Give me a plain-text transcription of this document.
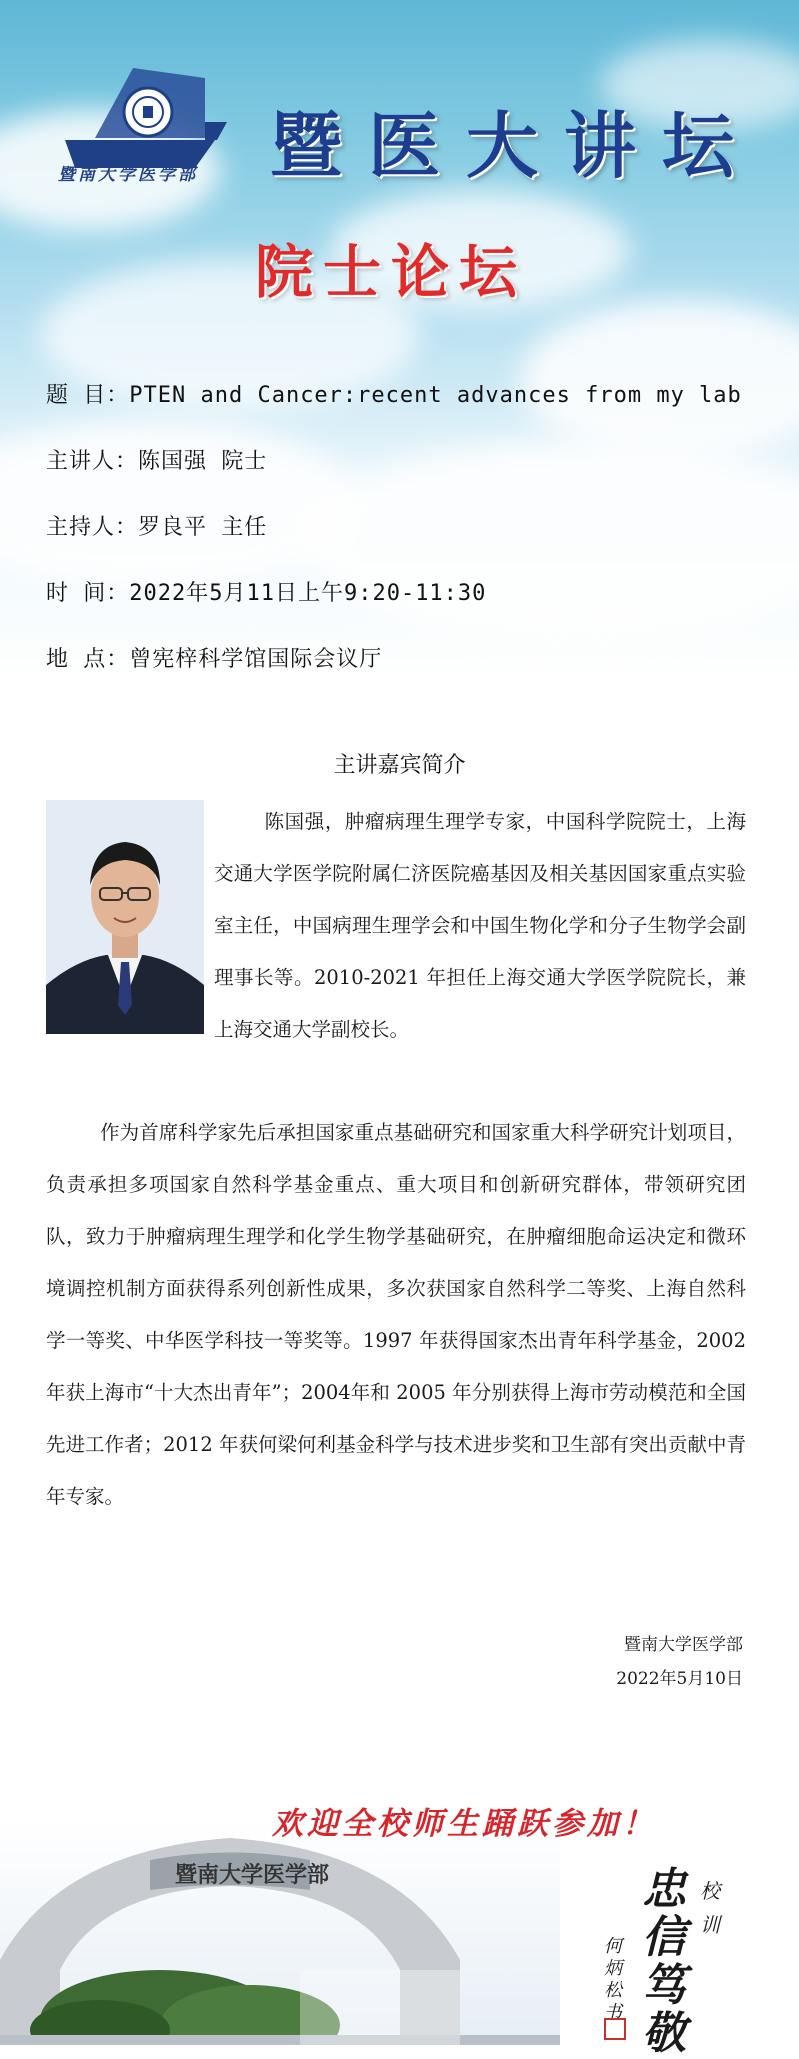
暨南大学医学部 暨医大讲坛
院士论坛
题 目：PTEN and Cancer:recent advances from my lab
主讲人：陈国强 院士
主持人：罗良平 主任
时 间：2022年5月11日上午9:20-11:30
地 点：曾宪梓科学馆国际会议厅
主讲嘉宾简介
陈国强，肿瘤病理生理学专家，中国科学院院士，上海交通大学医学院附属仁济医院癌基因及相关基因国家重点实验室主任，中国病理生理学会和中国生物化学和分子生物学会副理事长等。2010-2021 年担任上海交通大学医学院院长，兼上海交通大学副校长。
作为首席科学家先后承担国家重点基础研究和国家重大科学研究计划项目，负责承担多项国家自然科学基金重点、重大项目和创新研究群体，带领研究团队，致力于肿瘤病理生理学和化学生物学基础研究，在肿瘤细胞命运决定和微环境调控机制方面获得系列创新性成果，多次获国家自然科学二等奖、上海自然科学一等奖、中华医学科技一等奖等。1997 年获得国家杰出青年科学基金，2002 年获上海市“十大杰出青年”；2004年和 2005 年分别获得上海市劳动模范和全国先进工作者；2012 年获何梁何利基金科学与技术进步奖和卫生部有突出贡献中青年专家。
暨南大学医学部
2022年5月10日
暨南大学医学部
欢迎全校师生踊跃参加！
校训
忠信笃敬
何炳松书
